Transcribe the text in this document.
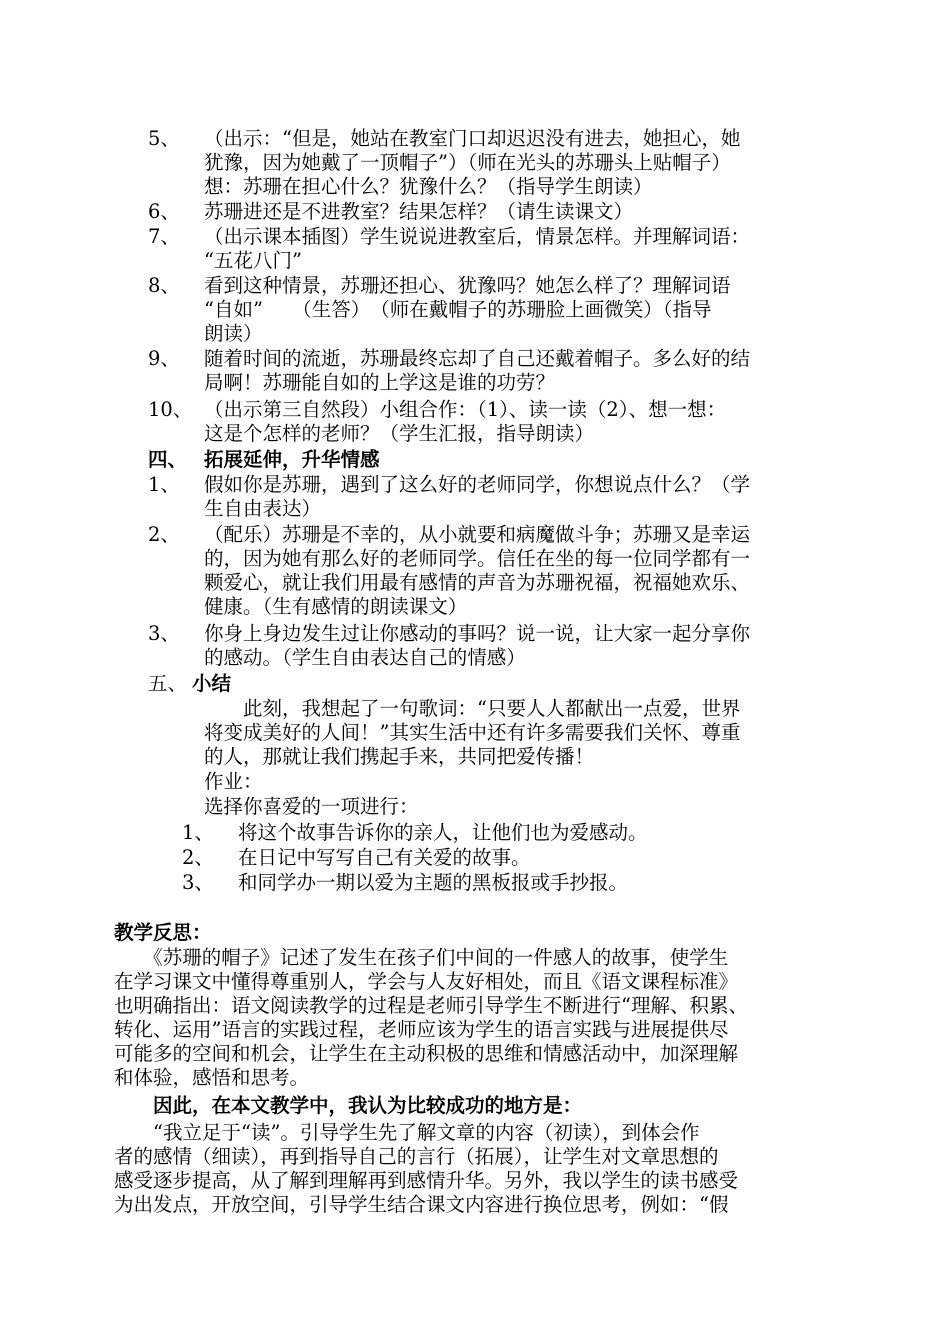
5、 （出示：“但是，她站在教室门口却迟迟没有进去，她担心，她
犹豫，因为她戴了一顶帽子”）（师在光头的苏珊头上贴帽子）
想：苏珊在担心什么？犹豫什么？（指导学生朗读）
6、 苏珊进还是不进教室？结果怎样？（请生读课文）
7、 （出示课本插图）学生说说进教室后，情景怎样。并理解词语：
“五花八门”
8、 看到这种情景，苏珊还担心、犹豫吗？她怎么样了？理解词语
“自如”　　（生答）　（师在戴帽子的苏珊脸上画微笑）（指导
朗读）
9、 随着时间的流逝，苏珊最终忘却了自己还戴着帽子。多么好的结
局啊！苏珊能自如的上学这是谁的功劳？
10、 （出示第三自然段）小组合作：（1）、读一读（2）、想一想：
这是个怎样的老师？（学生汇报，指导朗读）
四、 拓展延伸，升华情感
1、 假如你是苏珊，遇到了这么好的老师同学，你想说点什么？（学
生自由表达）
2、 （配乐）苏珊是不幸的，从小就要和病魔做斗争；苏珊又是幸运
的，因为她有那么好的老师同学。信任在坐的每一位同学都有一
颗爱心，就让我们用最有感情的声音为苏珊祝福，祝福她欢乐、
健康。（生有感情的朗读课文）
3、 你身上身边发生过让你感动的事吗？说一说，让大家一起分享你
的感动。（学生自由表达自己的情感）
五、 小结
　　此刻，我想起了一句歌词：“只要人人都献出一点爱，世界
将变成美好的人间！”其实生活中还有许多需要我们关怀、尊重
的人，那就让我们携起手来，共同把爱传播！
作业：
选择你喜爱的一项进行：
1、 将这个故事告诉你的亲人，让他们也为爱感动。
2、 在日记中写写自己有关爱的故事。
3、 和同学办一期以爱为主题的黑板报或手抄报。
教学反思：
　　《苏珊的帽子》记述了发生在孩子们中间的一件感人的故事，使学生
在学习课文中懂得尊重别人，学会与人友好相处，而且《语文课程标准》
也明确指出：语文阅读教学的过程是老师引导学生不断进行“理解、积累、
转化、运用”语言的实践过程，老师应该为学生的语言实践与进展提供尽
可能多的空间和机会，让学生在主动积极的思维和情感活动中，加深理解
和体验，感悟和思考。
　　因此，在本文教学中，我认为比较成功的地方是：
　　“我立足于“读”。引导学生先了解文章的内容（初读），到体会作
者的感情（细读），再到指导自己的言行（拓展），让学生对文章思想的
感受逐步提高，从了解到理解再到感情升华。另外，我以学生的读书感受
为出发点，开放空间，引导学生结合课文内容进行换位思考，例如：“假
